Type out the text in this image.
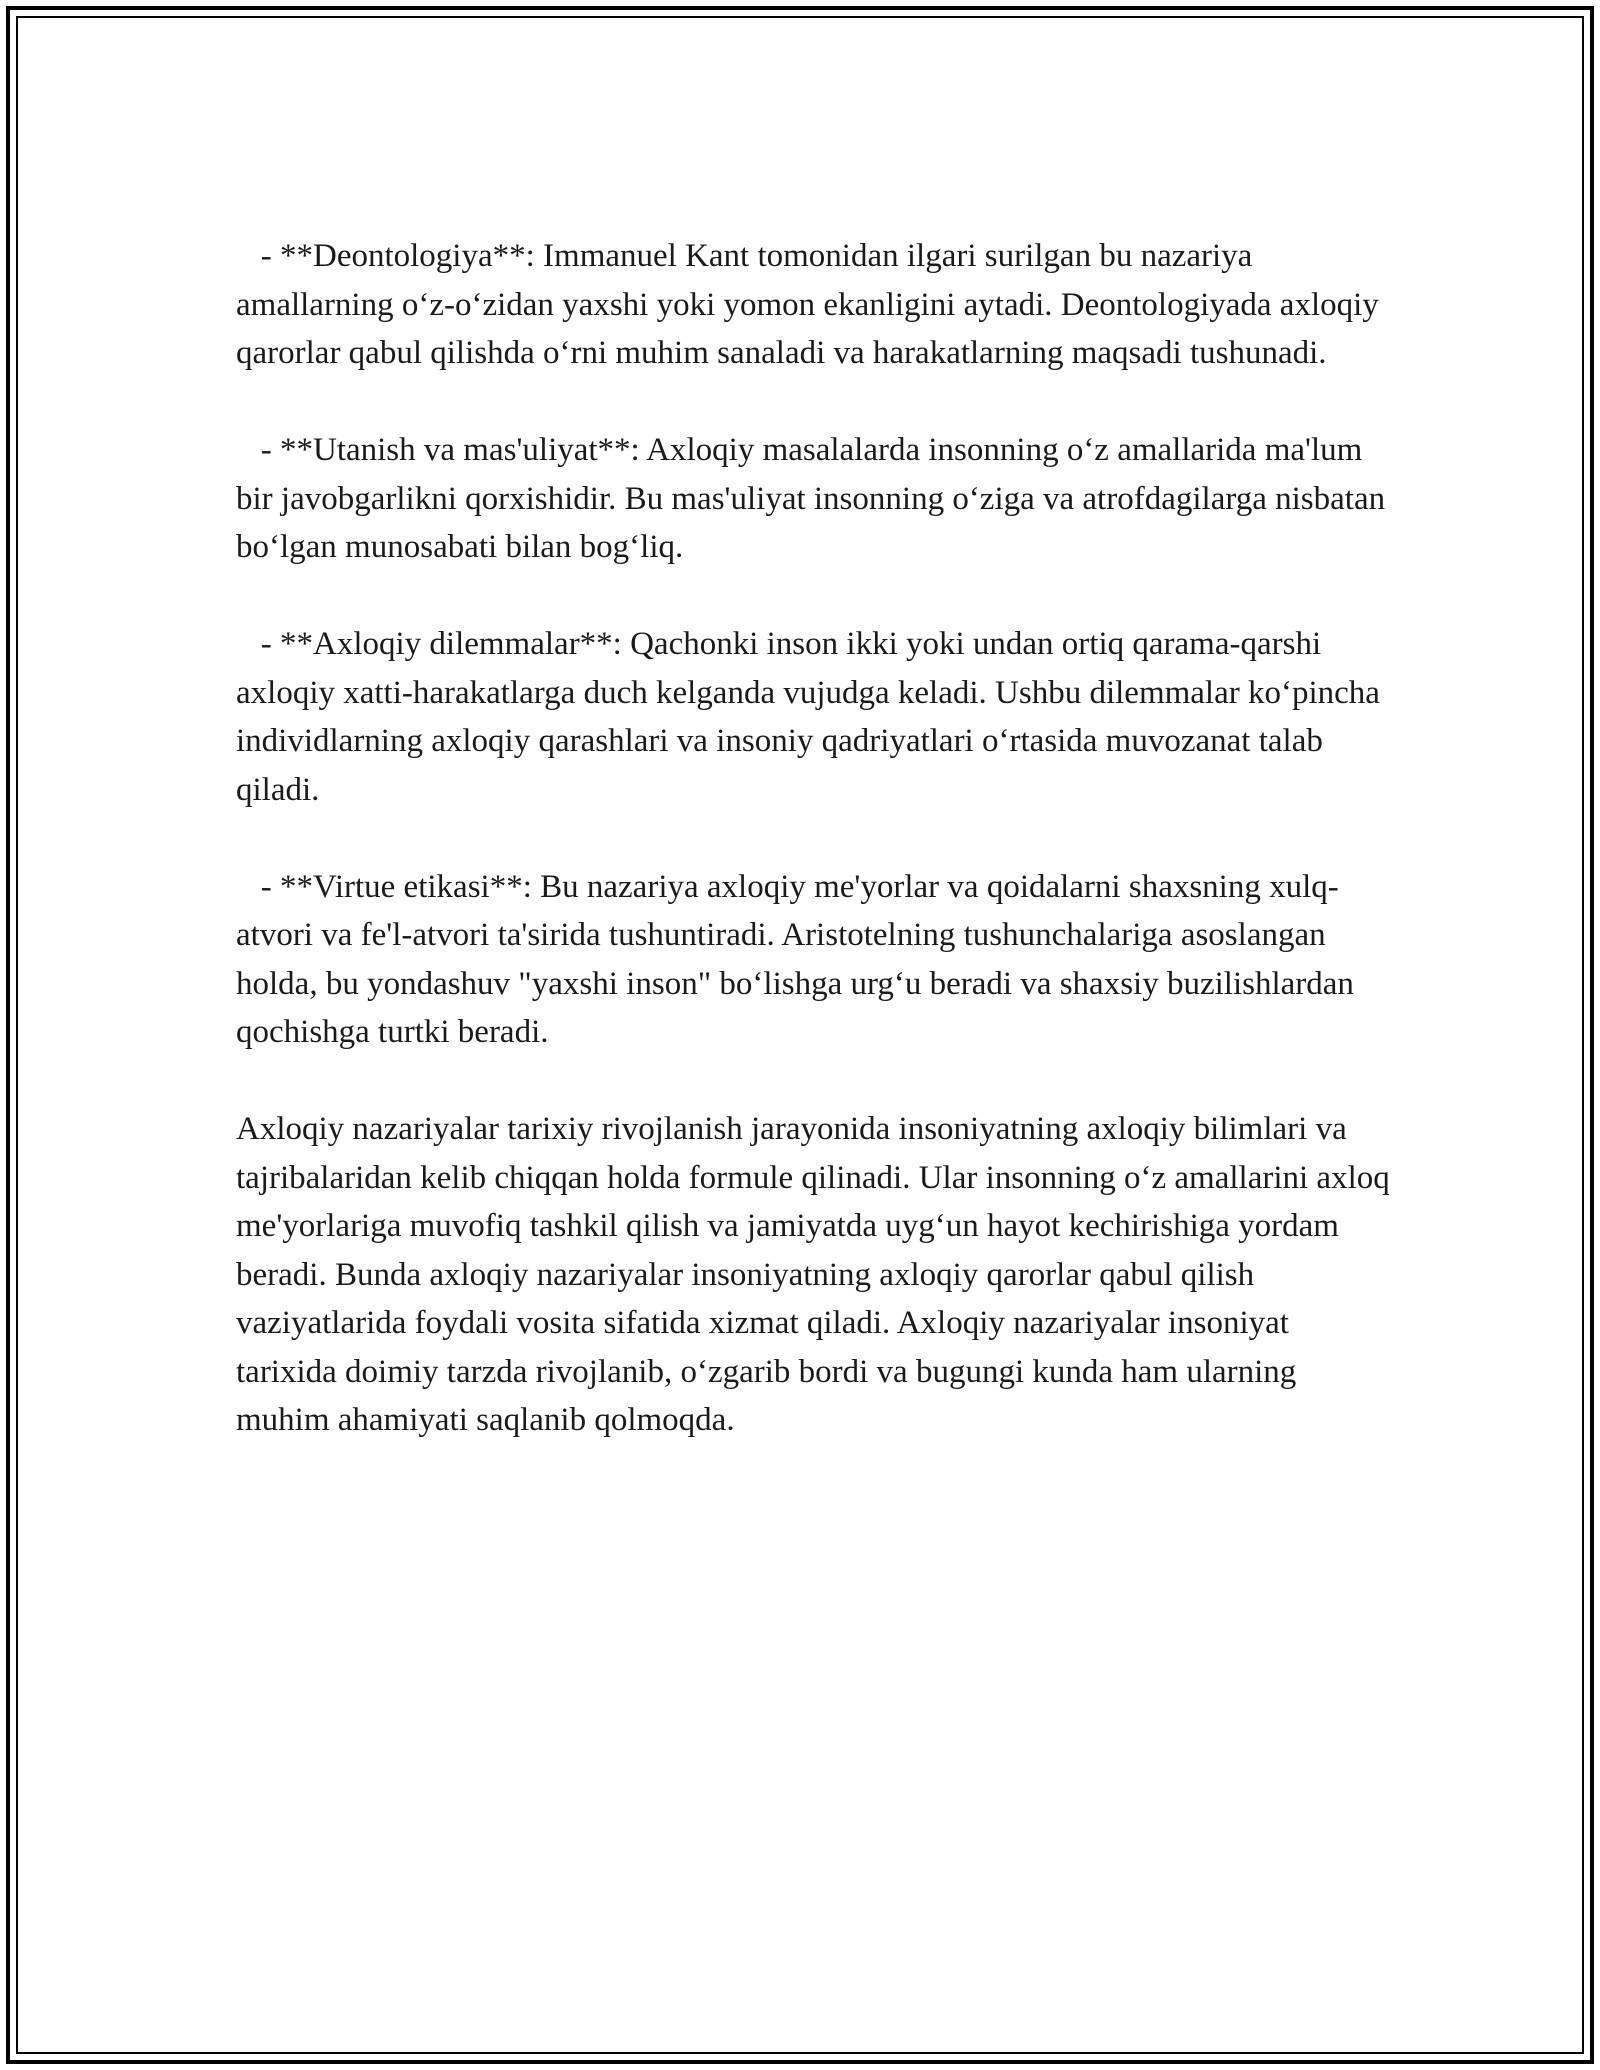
- **Deontologiya**: Immanuel Kant tomonidan ilgari surilgan bu nazariya amallarning o‘z-o‘zidan yaxshi yoki yomon ekanligini aytadi. Deontologiyada axloqiy qarorlar qabul qilishda o‘rni muhim sanaladi va harakatlarning maqsadi tushunadi.

- **Utanish va mas'uliyat**: Axloqiy masalalarda insonning o‘z amallarida ma'lum bir javobgarlikni qorxishidir. Bu mas'uliyat insonning o‘ziga va atrofdagilarga nisbatan bo‘lgan munosabati bilan bog‘liq.

- **Axloqiy dilemmalar**: Qachonki inson ikki yoki undan ortiq qarama-qarshi axloqiy xatti-harakatlarga duch kelganda vujudga keladi. Ushbu dilemmalar ko‘pincha individlarning axloqiy qarashlari va insoniy qadriyatlari o‘rtasida muvozanat talab qiladi.

- **Virtue etikasi**: Bu nazariya axloqiy me'yorlar va qoidalarni shaxsning xulq-atvori va fe'l-atvori ta'sirida tushuntiradi. Aristotelning tushunchalariga asoslangan holda, bu yondashuv "yaxshi inson" bo‘lishga urg‘u beradi va shaxsiy buzilishlardan qochishga turtki beradi.

Axloqiy nazariyalar tarixiy rivojlanish jarayonida insoniyatning axloqiy bilimlari va tajribalaridan kelib chiqqan holda formule qilinadi. Ular insonning o‘z amallarini axloq me'yorlariga muvofiq tashkil qilish va jamiyatda uyg‘un hayot kechirishiga yordam beradi. Bunda axloqiy nazariyalar insoniyatning axloqiy qarorlar qabul qilish vaziyatlarida foydali vosita sifatida xizmat qiladi. Axloqiy nazariyalar insoniyat tarixida doimiy tarzda rivojlanib, o‘zgarib bordi va bugungi kunda ham ularning muhim ahamiyati saqlanib qolmoqda.
